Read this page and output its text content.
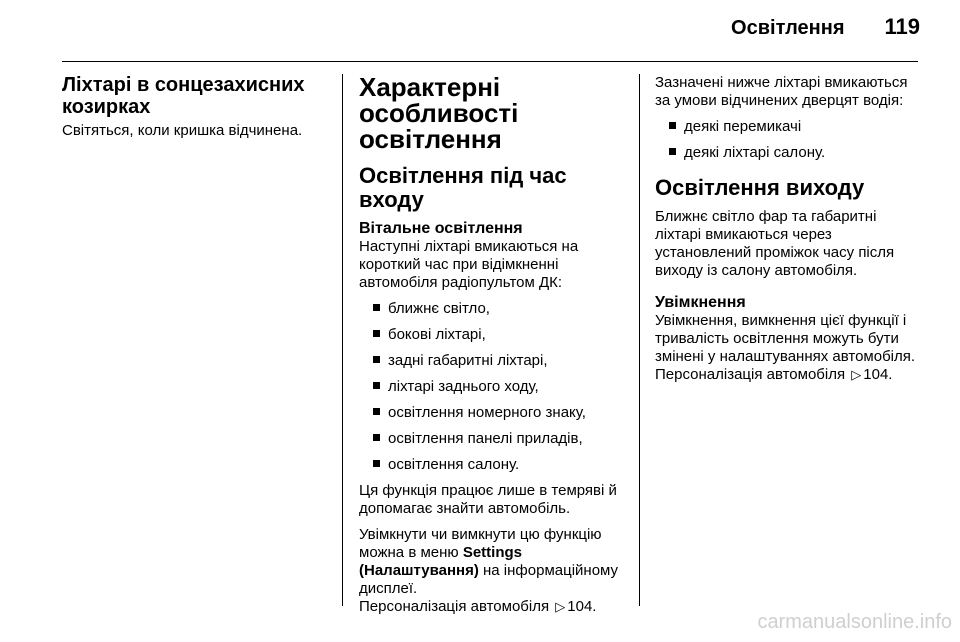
Освітлення 119
Ліхтарі в сонцезахисних козирках

Світяться, коли кришка відчинена.

Характерні особливості освітлення
Освітлення під час входу
Вітальне освітлення

Наступні ліхтарі вмикаються на короткий час при відімкненні автомобіля радіопультом ДК:

ближнє світло,
бокові ліхтарі,
задні габаритні ліхтарі,
ліхтарі заднього ходу,
освітлення номерного знаку,
освітлення панелі приладів,
освітлення салону.

Ця функція працює лише в темряві й допомагає знайти автомобіль.

Увімкнути чи вимкнути цю функцію можна в меню Settings (Налаштування) на інформаційному дисплеї.
Персоналізація автомобіля ▷ 104.

Зазначені нижче ліхтарі вмикаються за умови відчинених дверцят водія:

деякі перемикачі
деякі ліхтарі салону.
Освітлення виходу

Ближнє світло фар та габаритні ліхтарі вмикаються через установлений проміжок часу після виходу із салону автомобіля.

Увімкнення

Увімкнення, вимкнення цієї функції і тривалість освітлення можуть бути змінені у налаштуваннях автомобіля. Персоналізація автомобіля ▷ 104.

carmanualsonline.info
